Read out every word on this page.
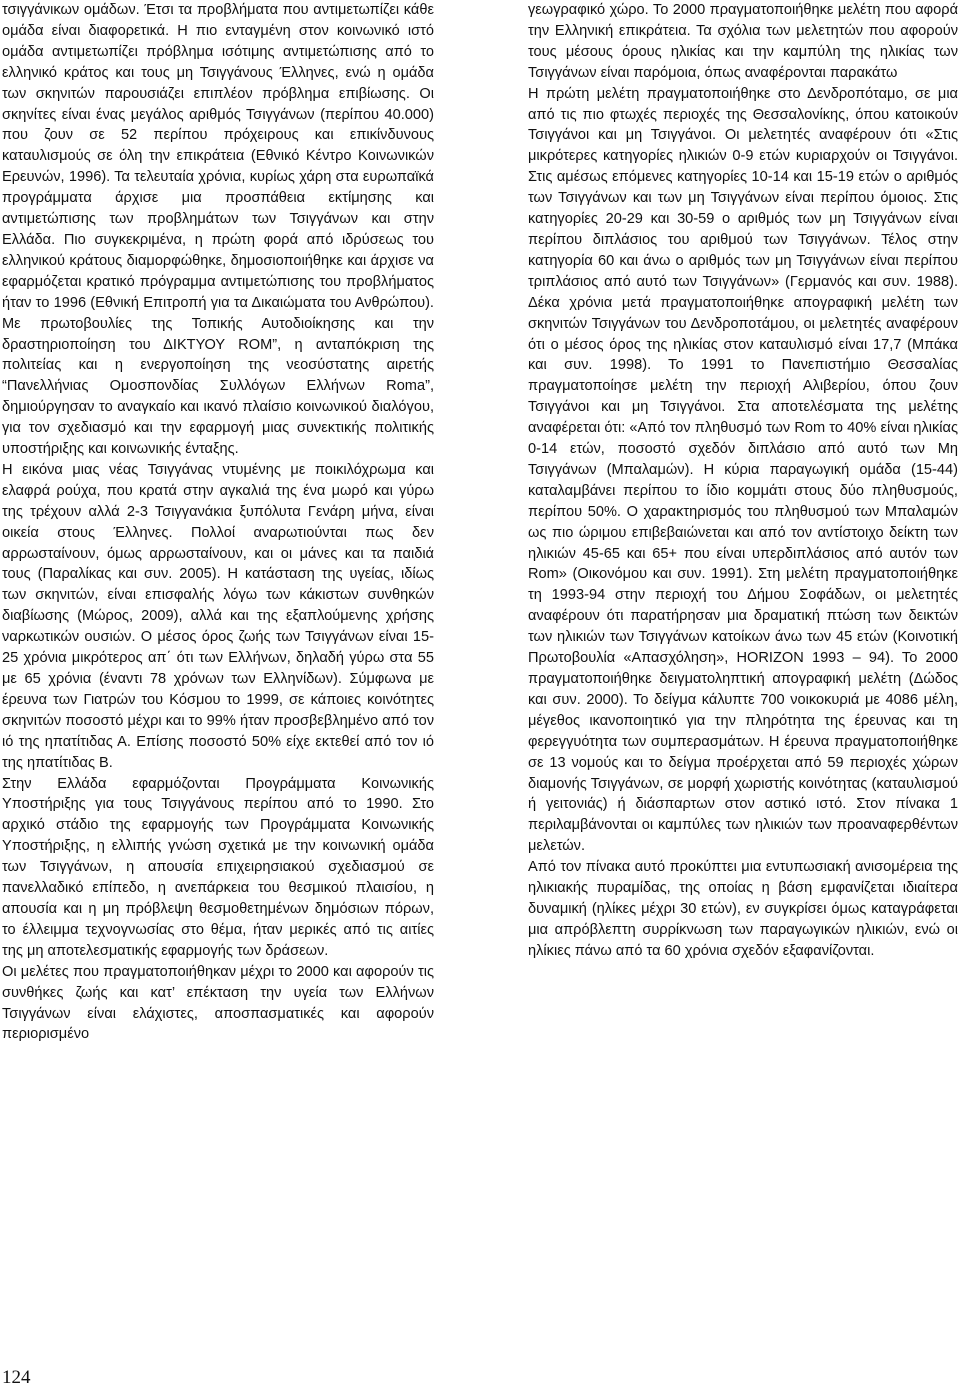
τσιγγάνικων ομάδων. Έτσι τα προβλήματα που αντιμετωπίζει κάθε ομάδα είναι διαφορετικά. Η πιο ενταγμένη στον κοινωνικό ιστό ομάδα αντιμετωπίζει πρόβλημα ισότιμης αντιμετώπισης από το ελληνικό κράτος και τους μη Τσιγγάνους Έλληνες, ενώ η ομάδα των σκηνιτών παρουσιάζει επιπλέον πρόβλημα επιβίωσης. Οι σκηνίτες είναι ένας μεγάλος αριθμός Τσιγγάνων (περίπου 40.000) που ζουν σε 52 περίπου πρόχειρους και επικίνδυνους καταυλισμούς σε όλη την επικράτεια (Εθνικό Κέντρο Κοινωνικών Ερευνών, 1996). Τα τελευταία χρόνια, κυρίως χάρη στα ευρωπαϊκά προγράμματα άρχισε μια προσπάθεια εκτίμησης και αντιμετώπισης των προβλημάτων των Τσιγγάνων και στην Ελλάδα. Πιο συγκεκριμένα, η πρώτη φορά από ιδρύσεως του ελληνικού κράτους διαμορφώθηκε, δημοσιοποιήθηκε και άρχισε να εφαρμόζεται κρατικό πρόγραμμα αντιμετώπισης του προβλήματος ήταν το 1996 (Εθνική Επιτροπή για τα Δικαιώματα του Ανθρώπου). Με πρωτοβουλίες της Τοπικής Αυτοδιοίκησης και την δραστηριοποίηση του ΔΙΚΤΥΟΥ ROM”, η ανταπόκριση της πολιτείας και η ενεργοποίηση της νεοσύστατης αιρετής “Πανελλήνιας Ομοσπονδίας Συλλόγων Ελλήνων Roma”, δημιούργησαν το αναγκαίο και ικανό πλαίσιο κοινωνικού διαλόγου, για τον σχεδιασμό και την εφαρμογή μιας συνεκτικής πολιτικής υποστήριξης και κοινωνικής ένταξης.

Η εικόνα μιας νέας Τσιγγάνας ντυμένης με ποικιλόχρωμα και ελαφρά ρούχα, που κρατά στην αγκαλιά της ένα μωρό και γύρω της τρέχουν αλλά 2-3 Τσιγγανάκια ξυπόλυτα Γενάρη μήνα, είναι οικεία στους Έλληνες. Πολλοί αναρωτιούνται πως δεν αρρωσταίνουν, όμως αρρωσταίνουν, και οι μάνες και τα παιδιά τους (Παραλίκας και συν. 2005). Η κατάσταση της υγείας, ιδίως των σκηνιτών, είναι επισφαλής λόγω των κάκιστων συνθηκών διαβίωσης (Μώρος, 2009), αλλά και της εξαπλούμενης χρήσης ναρκωτικών ουσιών. Ο μέσος όρος ζωής των Τσιγγάνων είναι 15-25 χρόνια μικρότερος απ΄ ότι των Ελλήνων, δηλαδή γύρω στα 55 με 65 χρόνια (έναντι 78 χρόνων των Ελληνίδων). Σύμφωνα με έρευνα των Γιατρών του Κόσμου το 1999, σε κάποιες κοινότητες σκηνιτών ποσοστό μέχρι και το 99% ήταν προσβεβλημένο από τον ιό της ηπατίτιδας Α. Επίσης ποσοστό 50% είχε εκτεθεί από τον ιό της ηπατίτιδας Β.

Στην Ελλάδα εφαρμόζονται Προγράμματα Κοινωνικής Υποστήριξης για τους Τσιγγάνους περίπου από το 1990. Στο αρχικό στάδιο της εφαρμογής των Προγράμματα Κοινωνικής Υποστήριξης, η ελλιπής γνώση σχετικά με την κοινωνική ομάδα των Τσιγγάνων, η απουσία επιχειρησιακού σχεδιασμού σε πανελλαδικό επίπεδο, η ανεπάρκεια του θεσμικού πλαισίου, η απουσία και η μη πρόβλεψη θεσμοθετημένων δημόσιων πόρων, το έλλειμμα τεχνογνωσίας στο θέμα, ήταν μερικές από τις αιτίες της μη αποτελεσματικής εφαρμογής των δράσεων.

Οι μελέτες που πραγματοποιήθηκαν μέχρι το 2000 και αφορούν τις συνθήκες ζωής και κατ’ επέκταση την υγεία των Ελλήνων Τσιγγάνων είναι ελάχιστες, αποσπασματικές και αφορούν περιορισμένο

γεωγραφικό χώρο. Το 2000 πραγματοποιήθηκε μελέτη που αφορά την Ελληνική επικράτεια. Τα σχόλια των μελετητών που αφορούν τους μέσους όρους ηλικίας και την καμπύλη της ηλικίας των Τσιγγάνων είναι παρόμοια, όπως αναφέρονται παρακάτω

Η πρώτη μελέτη πραγματοποιήθηκε στο Δενδροπόταμο, σε μια από τις πιο φτωχές περιοχές της Θεσσαλονίκης, όπου κατοικούν Τσιγγάνοι και μη Τσιγγάνοι. Οι μελετητές αναφέρουν ότι «Στις μικρότερες κατηγορίες ηλικιών 0-9 ετών κυριαρχούν οι Τσιγγάνοι. Στις αμέσως επόμενες κατηγορίες 10-14 και 15-19 ετών ο αριθμός των Τσιγγάνων και των μη Τσιγγάνων είναι περίπου όμοιος. Στις κατηγορίες 20-29 και 30-59 ο αριθμός των μη Τσιγγάνων είναι περίπου διπλάσιος του αριθμού των Τσιγγάνων. Τέλος στην κατηγορία 60 και άνω ο αριθμός των μη Τσιγγάνων είναι περίπου τριπλάσιος από αυτό των Τσιγγάνων» (Γερμανός και συν. 1988). Δέκα χρόνια μετά πραγματοποιήθηκε απογραφική μελέτη των σκηνιτών Τσιγγάνων του Δενδροποτάμου, οι μελετητές αναφέρουν ότι ο μέσος όρος της ηλικίας στον καταυλισμό είναι 17,7 (Μπάκα και συν. 1998). Το 1991 το Πανεπιστήμιο Θεσσαλίας πραγματοποίησε μελέτη την περιοχή Αλιβερίου, όπου ζουν Τσιγγάνοι και μη Τσιγγάνοι. Στα αποτελέσματα της μελέτης αναφέρεται ότι: «Από τον πληθυσμό των Rom το 40% είναι ηλικίας 0-14 ετών, ποσοστό σχεδόν διπλάσιο από αυτό των Μη Τσιγγάνων (Μπαλαμών). Η κύρια παραγωγική ομάδα (15-44) καταλαμβάνει περίπου το ίδιο κομμάτι στους δύο πληθυσμούς, περίπου 50%. Ο χαρακτηρισμός του πληθυσμού των Μπαλαμών ως πιο ώριμου επιβεβαιώνεται και από τον αντίστοιχο δείκτη των ηλικιών 45-65 και 65+ που είναι υπερδιπλάσιος από αυτόν των Rom» (Οικονόμου και συν. 1991). Στη μελέτη πραγματοποιήθηκε τη 1993-94 στην περιοχή του Δήμου Σοφάδων, οι μελετητές αναφέρουν ότι παρατήρησαν μια δραματική πτώση των δεικτών των ηλικιών των Τσιγγάνων κατοίκων άνω των 45 ετών (Κοινοτική Πρωτοβουλία «Απασχόληση», HORIZON 1993 – 94). Το 2000 πραγματοποιήθηκε δειγματοληπτική απογραφική μελέτη (Δώδος και συν. 2000). Το δείγμα κάλυπτε 700 νοικοκυριά με 4086 μέλη, μέγεθος ικανοποιητικό για την πληρότητα της έρευνας και τη φερεγγυότητα των συμπερασμάτων. Η έρευνα πραγματοποιήθηκε σε 13 νομούς και το δείγμα προέρχεται από 59 περιοχές χώρων διαμονής Τσιγγάνων, σε μορφή χωριστής κοινότητας (καταυλισμού ή γειτονιάς) ή διάσπαρτων στον αστικό ιστό. Στον πίνακα 1 περιλαμβάνονται οι καμπύλες των ηλικιών των προαναφερθέντων μελετών.

Από τον πίνακα αυτό προκύπτει μια εντυπωσιακή ανισομέρεια της ηλικιακής πυραμίδας, της οποίας η βάση εμφανίζεται ιδιαίτερα δυναμική (ηλίκες μέχρι 30 ετών), εν συγκρίσει όμως καταγράφεται μια απρόβλεπτη συρρίκνωση των παραγωγικών ηλικιών, ενώ οι ηλίκιες πάνω από τα 60 χρόνια σχεδόν εξαφανίζονται.

124
